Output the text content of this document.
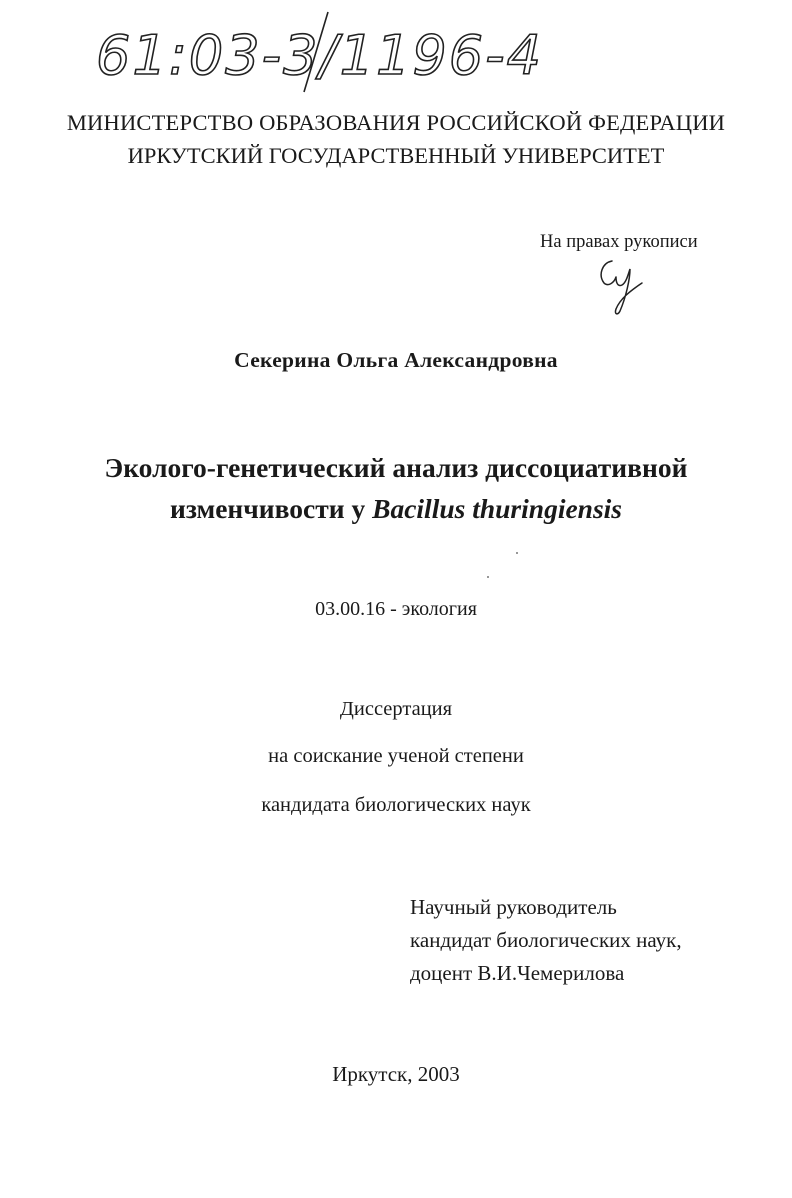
61:03-3/1196-4
МИНИСТЕРСТВО ОБРАЗОВАНИЯ РОССИЙСКОЙ ФЕДЕРАЦИИ
ИРКУТСКИЙ ГОСУДАРСТВЕННЫЙ УНИВЕРСИТЕТ
На правах рукописи
Секерина Ольга Александровна
Эколого-генетический анализ диссоциативной
изменчивости у Bacillus thuringiensis
03.00.16 - экология
Диссертация
на соискание ученой степени
кандидата биологических наук
Научный руководитель
кандидат биологических наук,
доцент В.И.Чемерилова
Иркутск, 2003
